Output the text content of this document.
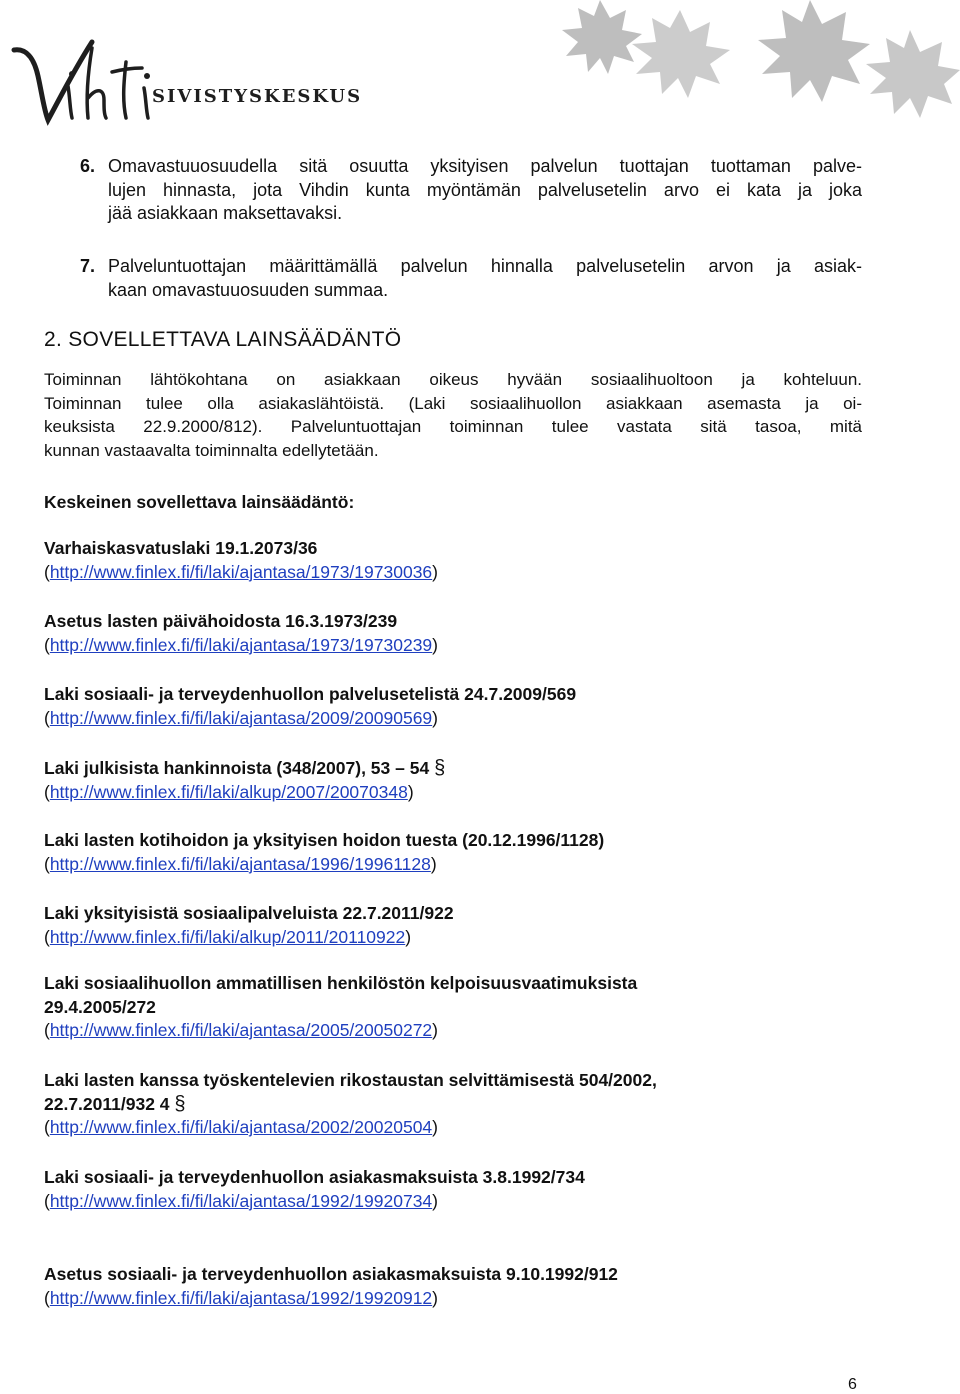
SIVISTYSKESKUS
6. Omavastuuosuudella sitä osuutta yksityisen palvelun tuottajan tuottaman palve-
lujen hinnasta, jota Vihdin kunta myöntämän palvelusetelin arvo ei kata ja joka
jää asiakkaan maksettavaksi.
7. Palveluntuottajan määrittämällä palvelun hinnalla palvelusetelin arvon ja asiak-
kaan omavastuuosuuden summaa.
2. SOVELLETTAVA LAINSÄÄDÄNTÖ
Toiminnan lähtökohtana on asiakkaan oikeus hyvään sosiaalihuoltoon ja kohteluun.
Toiminnan tulee olla asiakaslähtöistä. (Laki sosiaalihuollon asiakkaan asemasta ja oi-
keuksista 22.9.2000/812). Palveluntuottajan toiminnan tulee vastata sitä tasoa, mitä
kunnan vastaavalta toiminnalta edellytetään.
Keskeinen sovellettava lainsäädäntö:
Varhaiskasvatuslaki 19.1.2073/36
(http://www.finlex.fi/fi/laki/ajantasa/1973/19730036)
Asetus lasten päivähoidosta 16.3.1973/239
(http://www.finlex.fi/fi/laki/ajantasa/1973/19730239)
Laki sosiaali- ja terveydenhuollon palvelusetelistä 24.7.2009/569
(http://www.finlex.fi/fi/laki/ajantasa/2009/20090569)
Laki julkisista hankinnoista (348/2007), 53 – 54 §
(http://www.finlex.fi/fi/laki/alkup/2007/20070348)
Laki lasten kotihoidon ja yksityisen hoidon tuesta (20.12.1996/1128)
(http://www.finlex.fi/fi/laki/ajantasa/1996/19961128)
Laki yksityisistä sosiaalipalveluista 22.7.2011/922
(http://www.finlex.fi/fi/laki/alkup/2011/20110922)
Laki sosiaalihuollon ammatillisen henkilöstön kelpoisuusvaatimuksista
29.4.2005/272
(http://www.finlex.fi/fi/laki/ajantasa/2005/20050272)
Laki lasten kanssa työskentelevien rikostaustan selvittämisestä 504/2002,
22.7.2011/932 4 §
(http://www.finlex.fi/fi/laki/ajantasa/2002/20020504)
Laki sosiaali- ja terveydenhuollon asiakasmaksuista 3.8.1992/734
(http://www.finlex.fi/fi/laki/ajantasa/1992/19920734)
Asetus sosiaali- ja terveydenhuollon asiakasmaksuista 9.10.1992/912
(http://www.finlex.fi/fi/laki/ajantasa/1992/19920912)
6
